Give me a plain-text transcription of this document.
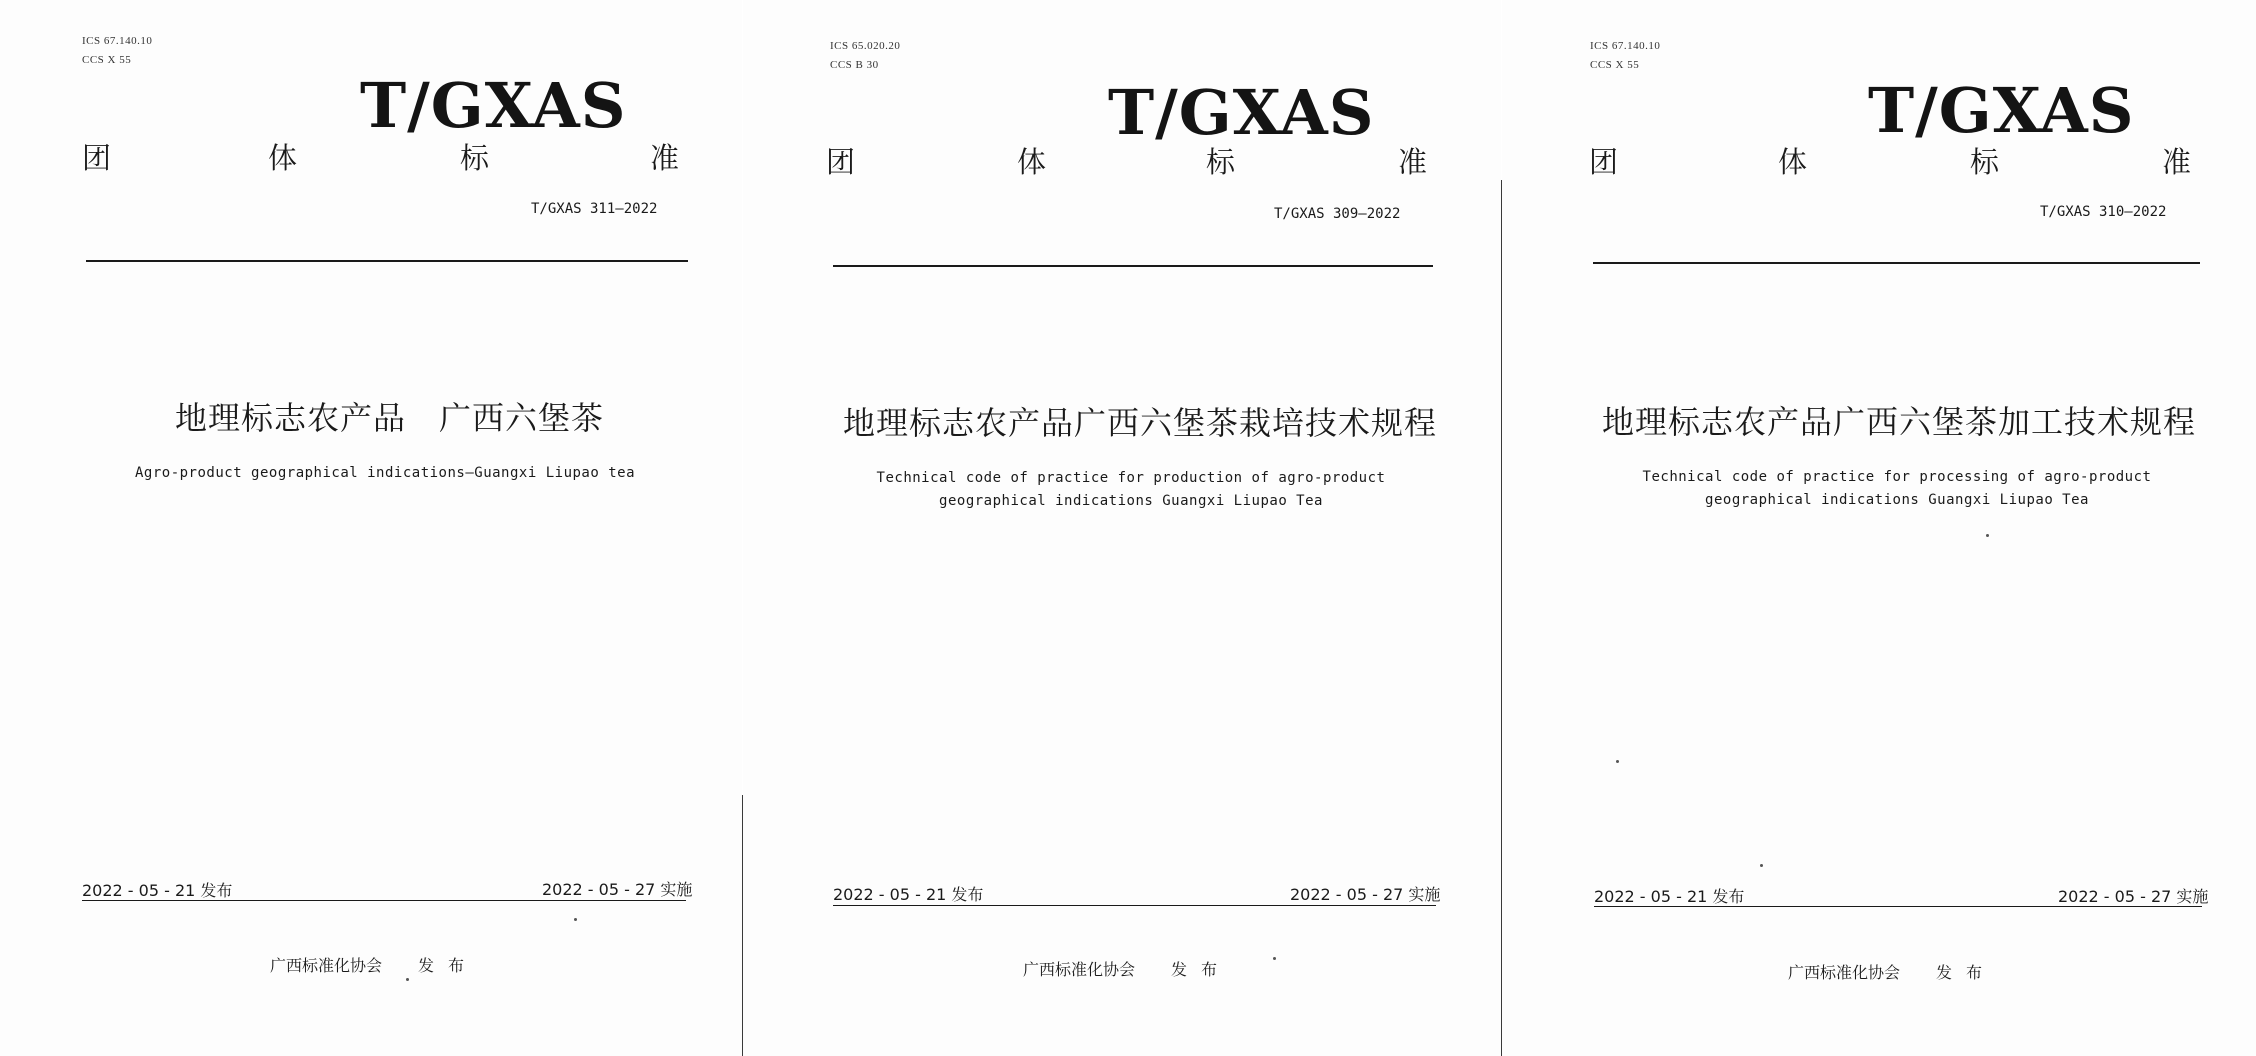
ICS 67.140.10
CCS X 55
T/GXAS
团	体	标	准
T/GXAS 311—2022
地理标志农产品　广西六堡茶
Agro-product geographical indications—Guangxi Liupao tea
2022 - 05 - 21 发布	2022 - 05 - 27 实施
广西标准化协会 发布
ICS 65.020.20
CCS B 30
T/GXAS
团	体	标	准
T/GXAS 309—2022
地理标志农产品广西六堡茶栽培技术规程
Technical code of practice for production of agro-product geographical indications Guangxi Liupao Tea
2022 - 05 - 21 发布	2022 - 05 - 27 实施
广西标准化协会 发布
ICS 67.140.10
CCS X 55
T/GXAS
团	体	标	准
T/GXAS 310—2022
地理标志农产品广西六堡茶加工技术规程
Technical code of practice for processing of agro-product geographical indications Guangxi Liupao Tea
2022 - 05 - 21 发布	2022 - 05 - 27 实施
广西标准化协会 发布
